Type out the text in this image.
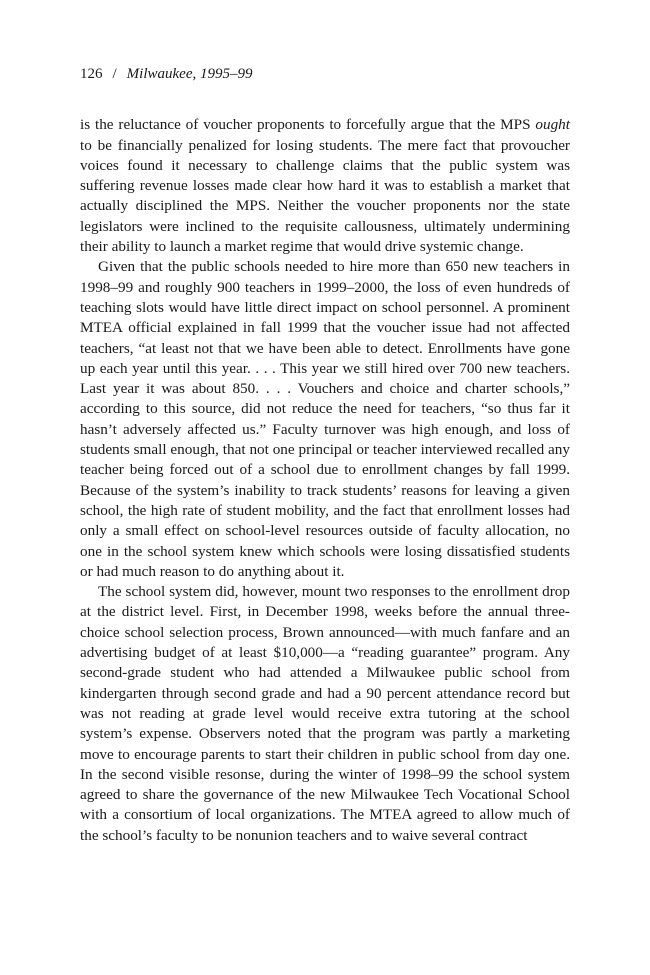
126 / Milwaukee, 1995–99

is the reluctance of voucher proponents to forcefully argue that the MPS ought to be financially penalized for losing students. The mere fact that provoucher voices found it necessary to challenge claims that the public system was suffering revenue losses made clear how hard it was to establish a market that actually disciplined the MPS. Neither the voucher proponents nor the state legislators were inclined to the requisite callousness, ultimately undermining their ability to launch a market regime that would drive systemic change.

Given that the public schools needed to hire more than 650 new teachers in 1998–99 and roughly 900 teachers in 1999–2000, the loss of even hundreds of teaching slots would have little direct impact on school personnel. A prominent MTEA official explained in fall 1999 that the voucher issue had not affected teachers, “at least not that we have been able to detect. Enrollments have gone up each year until this year. . . . This year we still hired over 700 new teachers. Last year it was about 850. . . . Vouchers and choice and charter schools,” according to this source, did not reduce the need for teachers, “so thus far it hasn’t adversely affected us.” Faculty turnover was high enough, and loss of students small enough, that not one principal or teacher interviewed recalled any teacher being forced out of a school due to enrollment changes by fall 1999. Because of the system’s inability to track students’ reasons for leaving a given school, the high rate of student mobility, and the fact that enrollment losses had only a small effect on school-level resources outside of faculty allocation, no one in the school system knew which schools were losing dissatisfied students or had much reason to do anything about it.

The school system did, however, mount two responses to the enrollment drop at the district level. First, in December 1998, weeks before the annual three-choice school selection process, Brown announced—with much fanfare and an advertising budget of at least $10,000—a “reading guarantee” program. Any second-grade student who had attended a Milwaukee public school from kindergarten through second grade and had a 90 percent attendance record but was not reading at grade level would receive extra tutoring at the school system’s expense. Observers noted that the program was partly a marketing move to encourage parents to start their children in public school from day one. In the second visible resonse, during the winter of 1998–99 the school system agreed to share the governance of the new Milwaukee Tech Vocational School with a consortium of local organizations. The MTEA agreed to allow much of the school’s faculty to be nonunion teachers and to waive several contract
